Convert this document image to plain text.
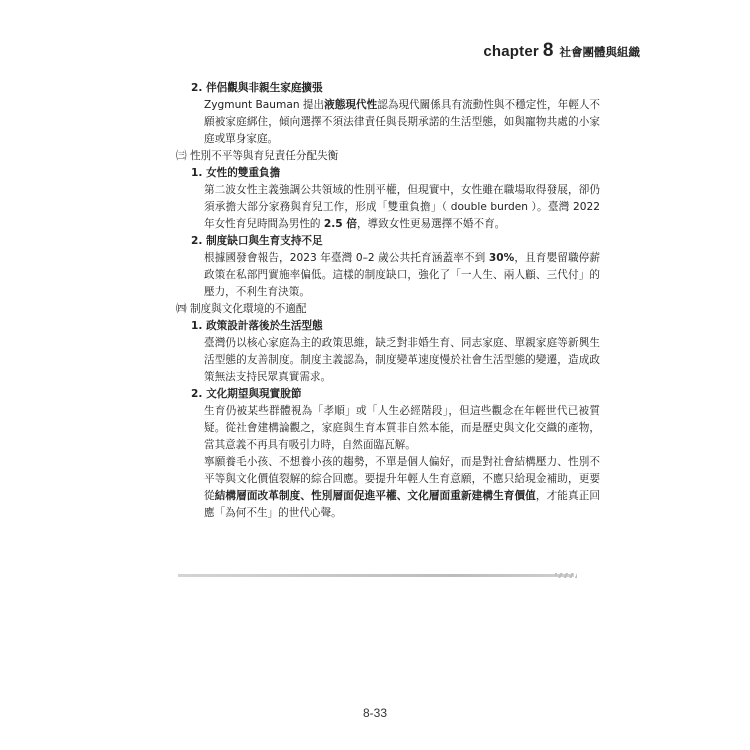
chapter 8 社會團體與組織
2. 伴侶觀與非親生家庭擴張
Zygmunt Bauman 提出液態現代性認為現代關係具有流動性與不穩定性，年輕人不願被家庭綁住，傾向選擇不須法律責任與長期承諾的生活型態，如與寵物共處的小家庭或單身家庭。
㈢ 性別不平等與育兒責任分配失衡
1. 女性的雙重負擔
第二波女性主義強調公共領域的性別平權，但現實中，女性雖在職場取得發展，卻仍須承擔大部分家務與育兒工作，形成「雙重負擔」（ double burden ）。臺灣 2022 年女性育兒時間為男性的 2.5 倍，導致女性更易選擇不婚不育。
2. 制度缺口與生育支持不足
根據國發會報告，2023 年臺灣 0–2 歲公共托育涵蓋率不到 30%，且育嬰留職停薪政策在私部門實施率偏低。這樣的制度缺口，強化了「一人生、兩人顧、三代付」的壓力，不利生育決策。
㈣ 制度與文化環境的不適配
1. 政策設計落後於生活型態
臺灣仍以核心家庭為主的政策思維，缺乏對非婚生育、同志家庭、單親家庭等新興生活型態的友善制度。制度主義認為，制度變革速度慢於社會生活型態的變遷，造成政策無法支持民眾真實需求。
2. 文化期望與現實脫節
生育仍被某些群體視為「孝順」或「人生必經階段」，但這些觀念在年輕世代已被質疑。從社會建構論觀之，家庭與生育本質非自然本能，而是歷史與文化交織的產物，當其意義不再具有吸引力時，自然面臨瓦解。
寧願養毛小孩、不想養小孩的趨勢，不單是個人偏好，而是對社會結構壓力、性別不平等與文化價值裂解的綜合回應。要提升年輕人生育意願，不應只給現金補助，更要從結構層面改革制度、性別層面促進平權、文化層面重新建構生育價值，才能真正回應「為何不生」的世代心聲。
8-33
